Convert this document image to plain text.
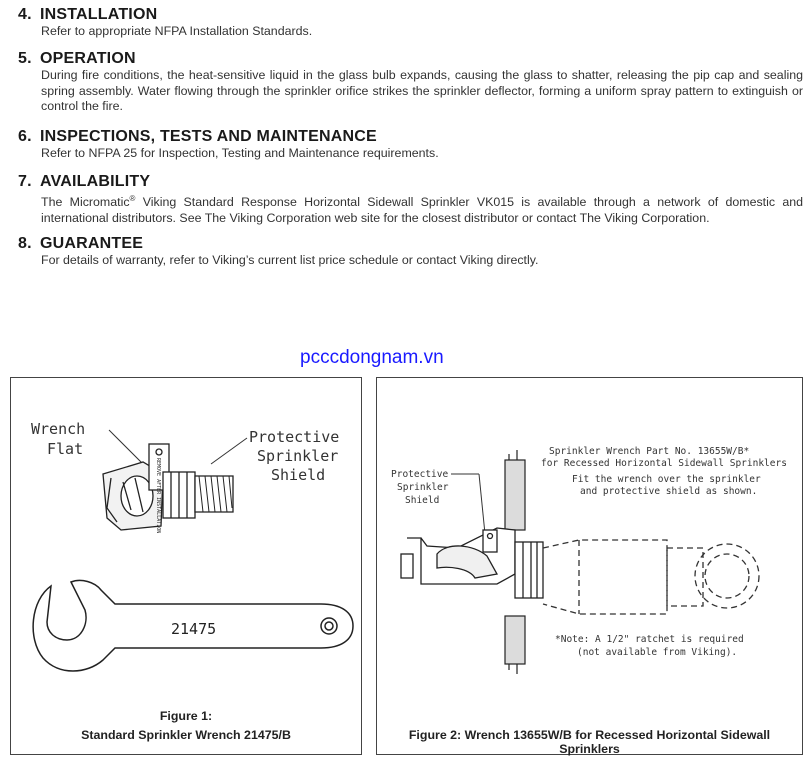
4. INSTALLATION
Refer to appropriate NFPA Installation Standards.
5. OPERATION
During fire conditions, the heat-sensitive liquid in the glass bulb expands, causing the glass to shatter, releasing the pip cap and sealing spring assembly. Water flowing through the sprinkler orifice strikes the sprinkler deflector, forming a uniform spray pattern to extinguish or control the fire.
6. INSPECTIONS, TESTS AND MAINTENANCE
Refer to NFPA 25 for Inspection, Testing and Maintenance requirements.
7. AVAILABILITY
The Micromatic® Viking Standard Response Horizontal Sidewall Sprinkler VK015 is available through a network of domestic and international distributors. See The Viking Corporation web site for the closest distributor or contact The Viking Corporation.
8. GUARANTEE
For details of warranty, refer to Viking’s current list price schedule or contact Viking directly.
pcccdongnam.vn
Wrench
Flat
Protective
Sprinkler
Shield
REMOVE AFTER INSTALLATION
21475
Figure 1:
Standard Sprinkler Wrench 21475/B
Sprinkler Wrench Part No. 13655W/B*
for Recessed Horizontal Sidewall Sprinklers
Fit the wrench over the sprinkler
and protective shield as shown.
Protective
Sprinkler
Shield
*Note: A 1/2" ratchet is required
(not available from Viking).
Figure 2: Wrench 13655W/B for Recessed Horizontal Sidewall Sprinklers
